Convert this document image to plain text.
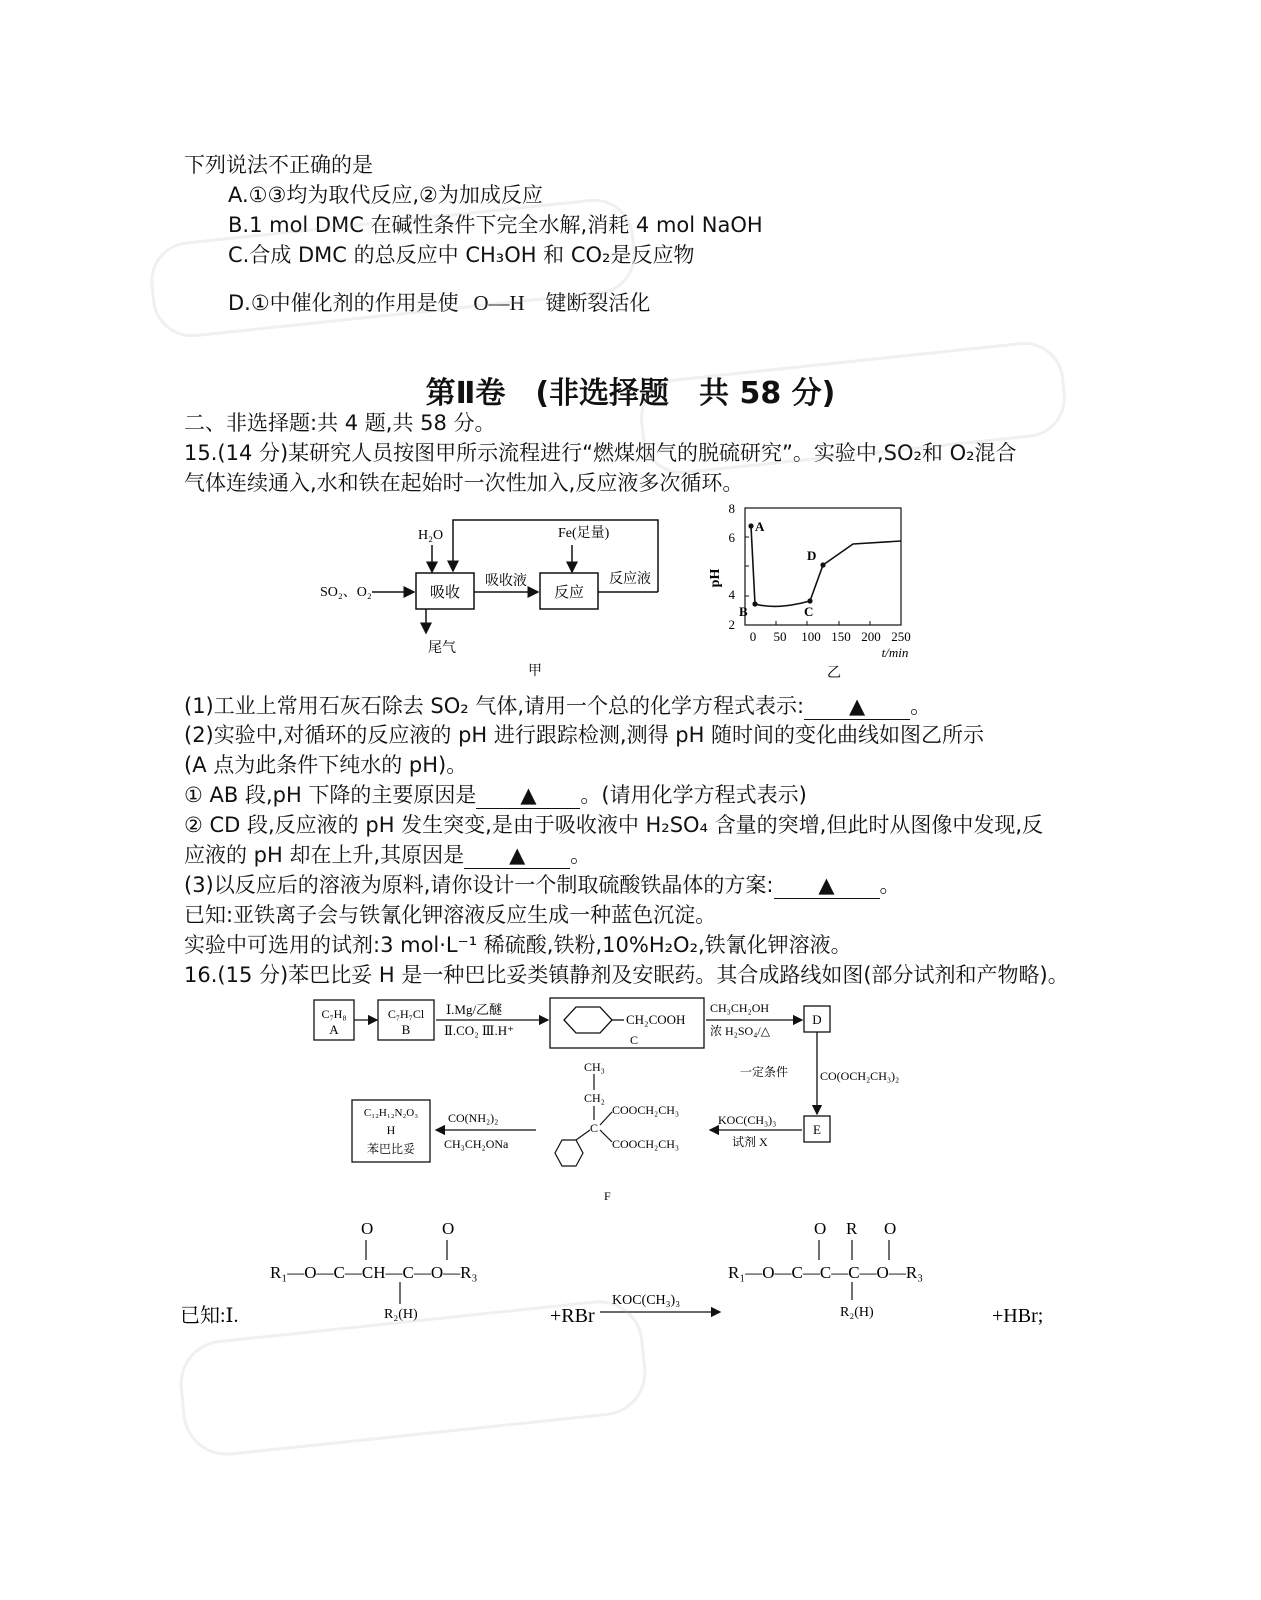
下列说法不正确的是
A.①③均为取代反应,②为加成反应
B.1 mol DMC 在碱性条件下完全水解,消耗 4 mol NaOH
C.合成 DMC 的总反应中 CH₃OH 和 CO₂是反应物
D.①中催化剂的作用是使 O—H 键断裂活化
第Ⅱ卷　(非选择题　共 58 分)
二、非选择题:共 4 题,共 58 分。
15.(14 分)某研究人员按图甲所示流程进行“燃煤烟气的脱硫研究”。实验中,SO₂和 O₂混合
气体连续通入,水和铁在起始时一次性加入,反应液多次循环。
SO₂、O₂
H₂O
吸收
吸收液
反应
Fe(足量)
反应液
尾气
甲
8
6
4
2
pH
0 50 100 150 200 250
t/min
A
B	C
D
乙
(1)工业上常用石灰石除去 SO₂ 气体,请用一个总的化学方程式表示: ▲ 。
(2)实验中,对循环的反应液的 pH 进行跟踪检测,测得 pH 随时间的变化曲线如图乙所示
(A 点为此条件下纯水的 pH)。
① AB 段,pH 下降的主要原因是 ▲ 。(请用化学方程式表示)
② CD 段,反应液的 pH 发生突变,是由于吸收液中 H₂SO₄ 含量的突增,但此时从图像中发现,反
应液的 pH 却在上升,其原因是 ▲ 。
(3)以反应后的溶液为原料,请你设计一个制取硫酸铁晶体的方案: ▲ 。
已知:亚铁离子会与铁氰化钾溶液反应生成一种蓝色沉淀。
实验中可选用的试剂:3 mol·L⁻¹ 稀硫酸,铁粉,10%H₂O₂,铁氰化钾溶液。
16.(15 分)苯巴比妥 H 是一种巴比妥类镇静剂及安眠药。其合成路线如图(部分试剂和产物略)。
C₇H₈
A
C₇H₇Cl
B
Ⅰ.Mg/乙醚
Ⅱ.CO₂ Ⅲ.H⁺
CH₂COOH
C
CH₃CH₂OH
浓 H₂SO₄/△
D
一定条件	CO(OCH₂CH₃)₂
E
KOC(CH₃)₃
试剂 X
CH₃
CH₂
C
COOCH₂CH₃
COOCH₂CH₃
F
CO(NH₂)₂
CH₃CH₂ONa
C₁₂H₁₂N₂O₃
H
苯巴比妥
O	O
R₁—O—C—CH—C—O—R₃
R₂(H)
已知:Ⅰ.	+RBr
KOC(CH₃)₃
O R O
R₁—O—C—C—C—O—R₃
R₂(H)	+HBr;
